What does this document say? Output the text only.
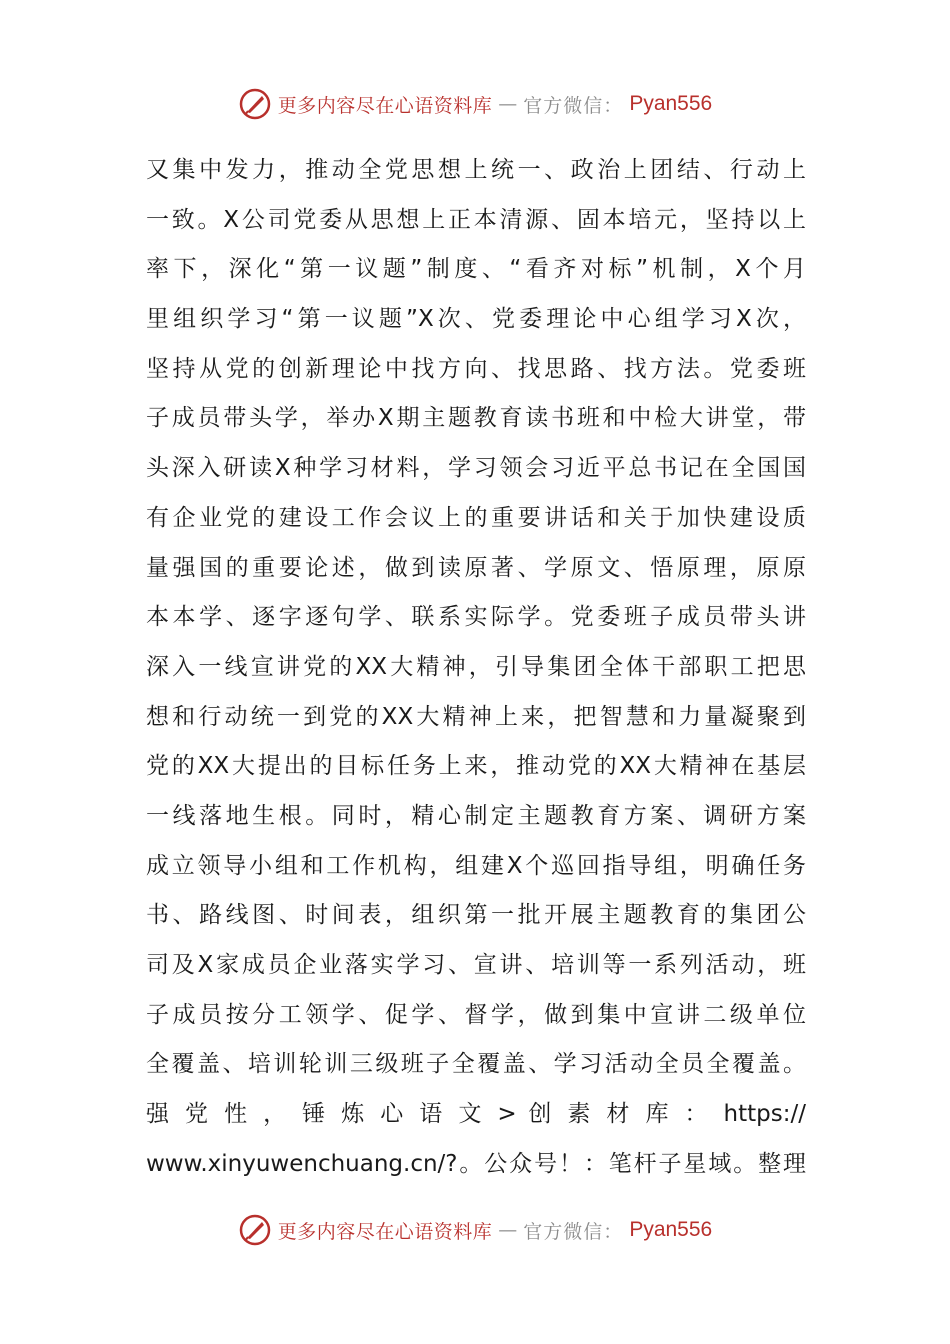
更多内容尽在心语资料库 — 官方微信： Pyan556
又集中发力，推动全党思想上统一、政治上团结、行动上
一致。X公司党委从思想上正本清源、固本培元，坚持以上
率下，深化“第一议题”制度、“看齐对标”机制，X个月
里组织学习“第一议题”X次、党委理论中心组学习X次，
坚持从党的创新理论中找方向、找思路、找方法。党委班
子成员带头学，举办X期主题教育读书班和中检大讲堂，带
头深入研读X种学习材料，学习领会习近平总书记在全国国
有企业党的建设工作会议上的重要讲话和关于加快建设质
量强国的重要论述，做到读原著、学原文、悟原理，原原
本本学、逐字逐句学、联系实际学。党委班子成员带头讲
深入一线宣讲党的XX大精神，引导集团全体干部职工把思
想和行动统一到党的XX大精神上来，把智慧和力量凝聚到
党的XX大提出的目标任务上来，推动党的XX大精神在基层
一线落地生根。同时，精心制定主题教育方案、调研方案
成立领导小组和工作机构，组建X个巡回指导组，明确任务
书、路线图、时间表，组织第一批开展主题教育的集团公
司及X家成员企业落实学习、宣讲、培训等一系列活动，班
子成员按分工领学、促学、督学，做到集中宣讲二级单位
全覆盖、培训轮训三级班子全覆盖、学习活动全员全覆盖。
强 党 性 ， 锤 炼 心 语 文 > 创 素 材 库 ： https://
www.xinyuwenchuang.cn/?。公众号！：笔杆子星域。整理
更多内容尽在心语资料库 — 官方微信： Pyan556
